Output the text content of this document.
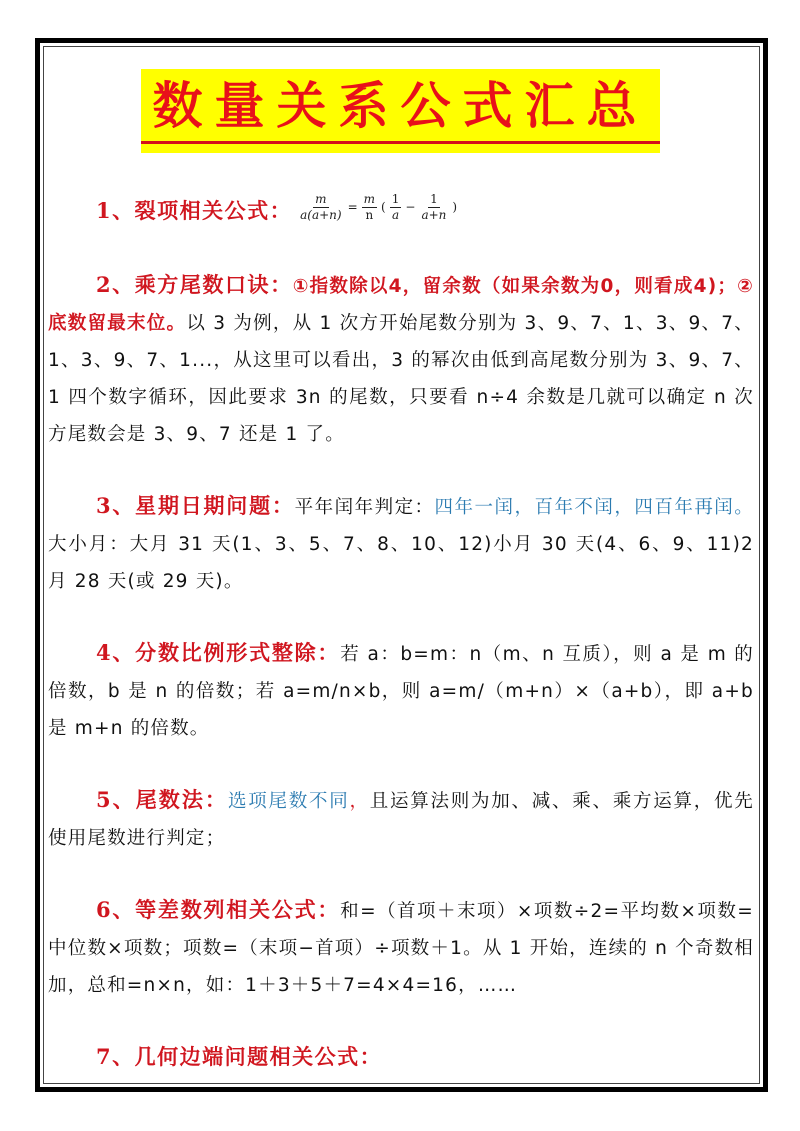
数量关系公式汇总

1、裂项相关公式： $\frac{m}{a(a+n)} = \frac{m}{n}$ ( $\frac{1}{a} - \frac{1}{a+n}$ )

2、乘方尾数口诀：①指数除以4，留余数（如果余数为0，则看成4)；②底数留最末位。以 3 为例，从 1 次方开始尾数分别为 3、9、7、1、3、9、7、1、3、9、7、1...，从这里可以看出，3 的幂次由低到高尾数分别为 3、9、7、1 四个数字循环，因此要求 3n 的尾数，只要看 n÷4 余数是几就可以确定 n 次方尾数会是 3、9、7 还是 1 了。

3、星期日期问题：平年闰年判定：四年一闰，百年不闰，四百年再闰。大小月：大月 31 天(1、3、5、7、8、10、12)小月 30 天(4、6、9、11)2 月 28 天(或 29 天)。

4、分数比例形式整除：若 a：b=m：n（m、n 互质），则 a 是 m 的倍数，b 是 n 的倍数；若 a=m/n×b，则 a=m/（m+n）×（a+b），即 a+b 是 m+n 的倍数。

5、尾数法：选项尾数不同，且运算法则为加、减、乘、乘方运算，优先使用尾数进行判定；

6、等差数列相关公式：和=（首项＋末项）×项数÷2=平均数×项数=中位数×项数；项数=（末项−首项）÷项数＋1。从 1 开始，连续的 n 个奇数相加，总和=n×n，如：1＋3＋5＋7=4×4=16，……

7、几何边端问题相关公式：
